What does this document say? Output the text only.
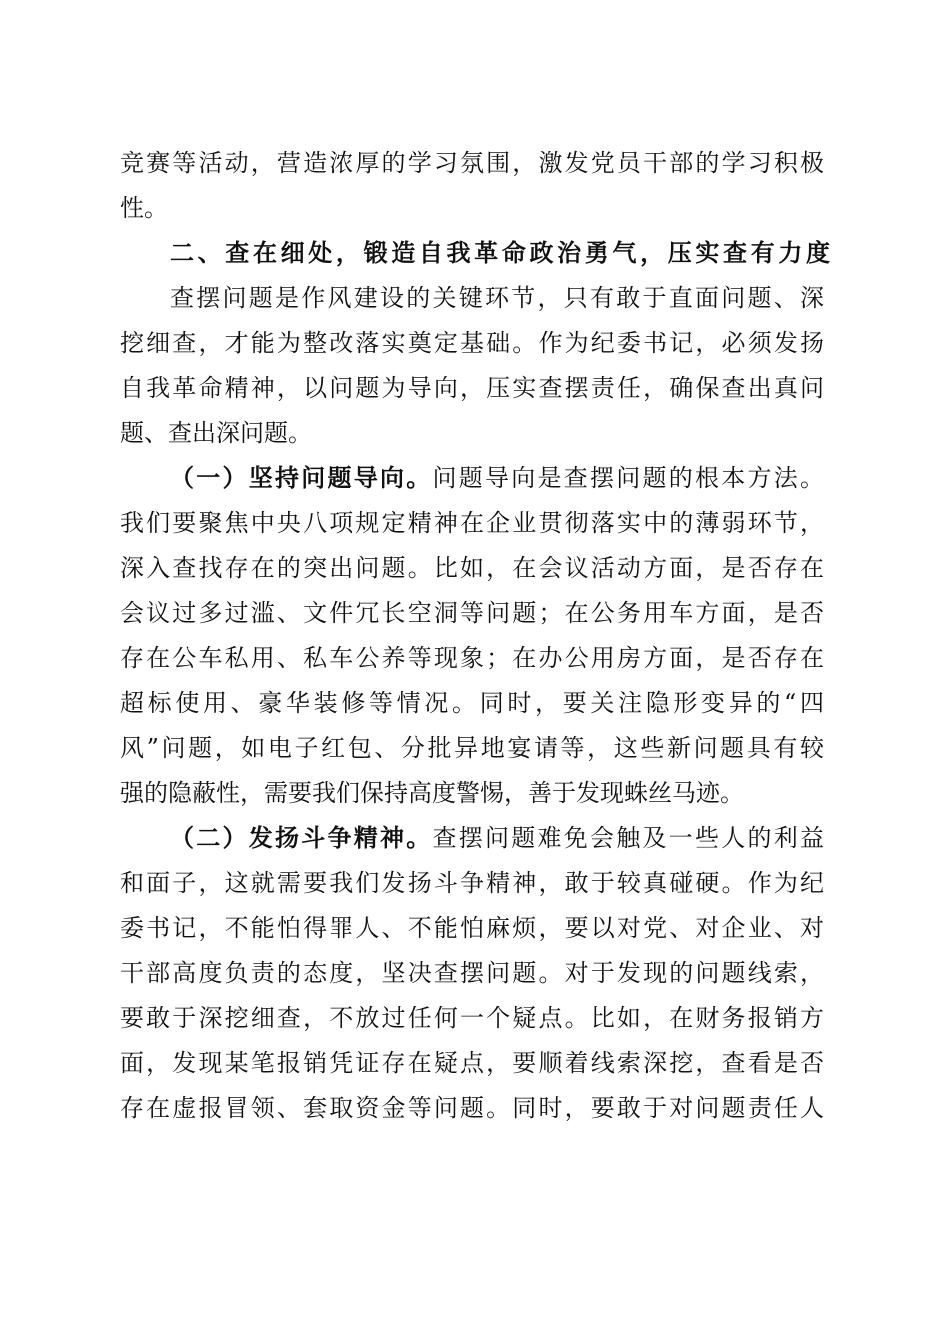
竞赛等活动，营造浓厚的学习氛围，激发党员干部的学习积极

性。

二、查在细处，锻造自我革命政治勇气，压实查有力度

查摆问题是作风建设的关键环节，只有敢于直面问题、深

挖细查，才能为整改落实奠定基础。作为纪委书记，必须发扬

自我革命精神，以问题为导向，压实查摆责任，确保查出真问

题、查出深问题。

（一）坚持问题导向。问题导向是查摆问题的根本方法。

我们要聚焦中央八项规定精神在企业贯彻落实中的薄弱环节，

深入查找存在的突出问题。比如，在会议活动方面，是否存在

会议过多过滥、文件冗长空洞等问题；在公务用车方面，是否

存在公车私用、私车公养等现象；在办公用房方面，是否存在

超标使用、豪华装修等情况。同时，要关注隐形变异的“四

风”问题，如电子红包、分批异地宴请等，这些新问题具有较

强的隐蔽性，需要我们保持高度警惕，善于发现蛛丝马迹。

（二）发扬斗争精神。查摆问题难免会触及一些人的利益

和面子，这就需要我们发扬斗争精神，敢于较真碰硬。作为纪

委书记，不能怕得罪人、不能怕麻烦，要以对党、对企业、对

干部高度负责的态度，坚决查摆问题。对于发现的问题线索，

要敢于深挖细查，不放过任何一个疑点。比如，在财务报销方

面，发现某笔报销凭证存在疑点，要顺着线索深挖，查看是否

存在虚报冒领、套取资金等问题。同时，要敢于对问题责任人
